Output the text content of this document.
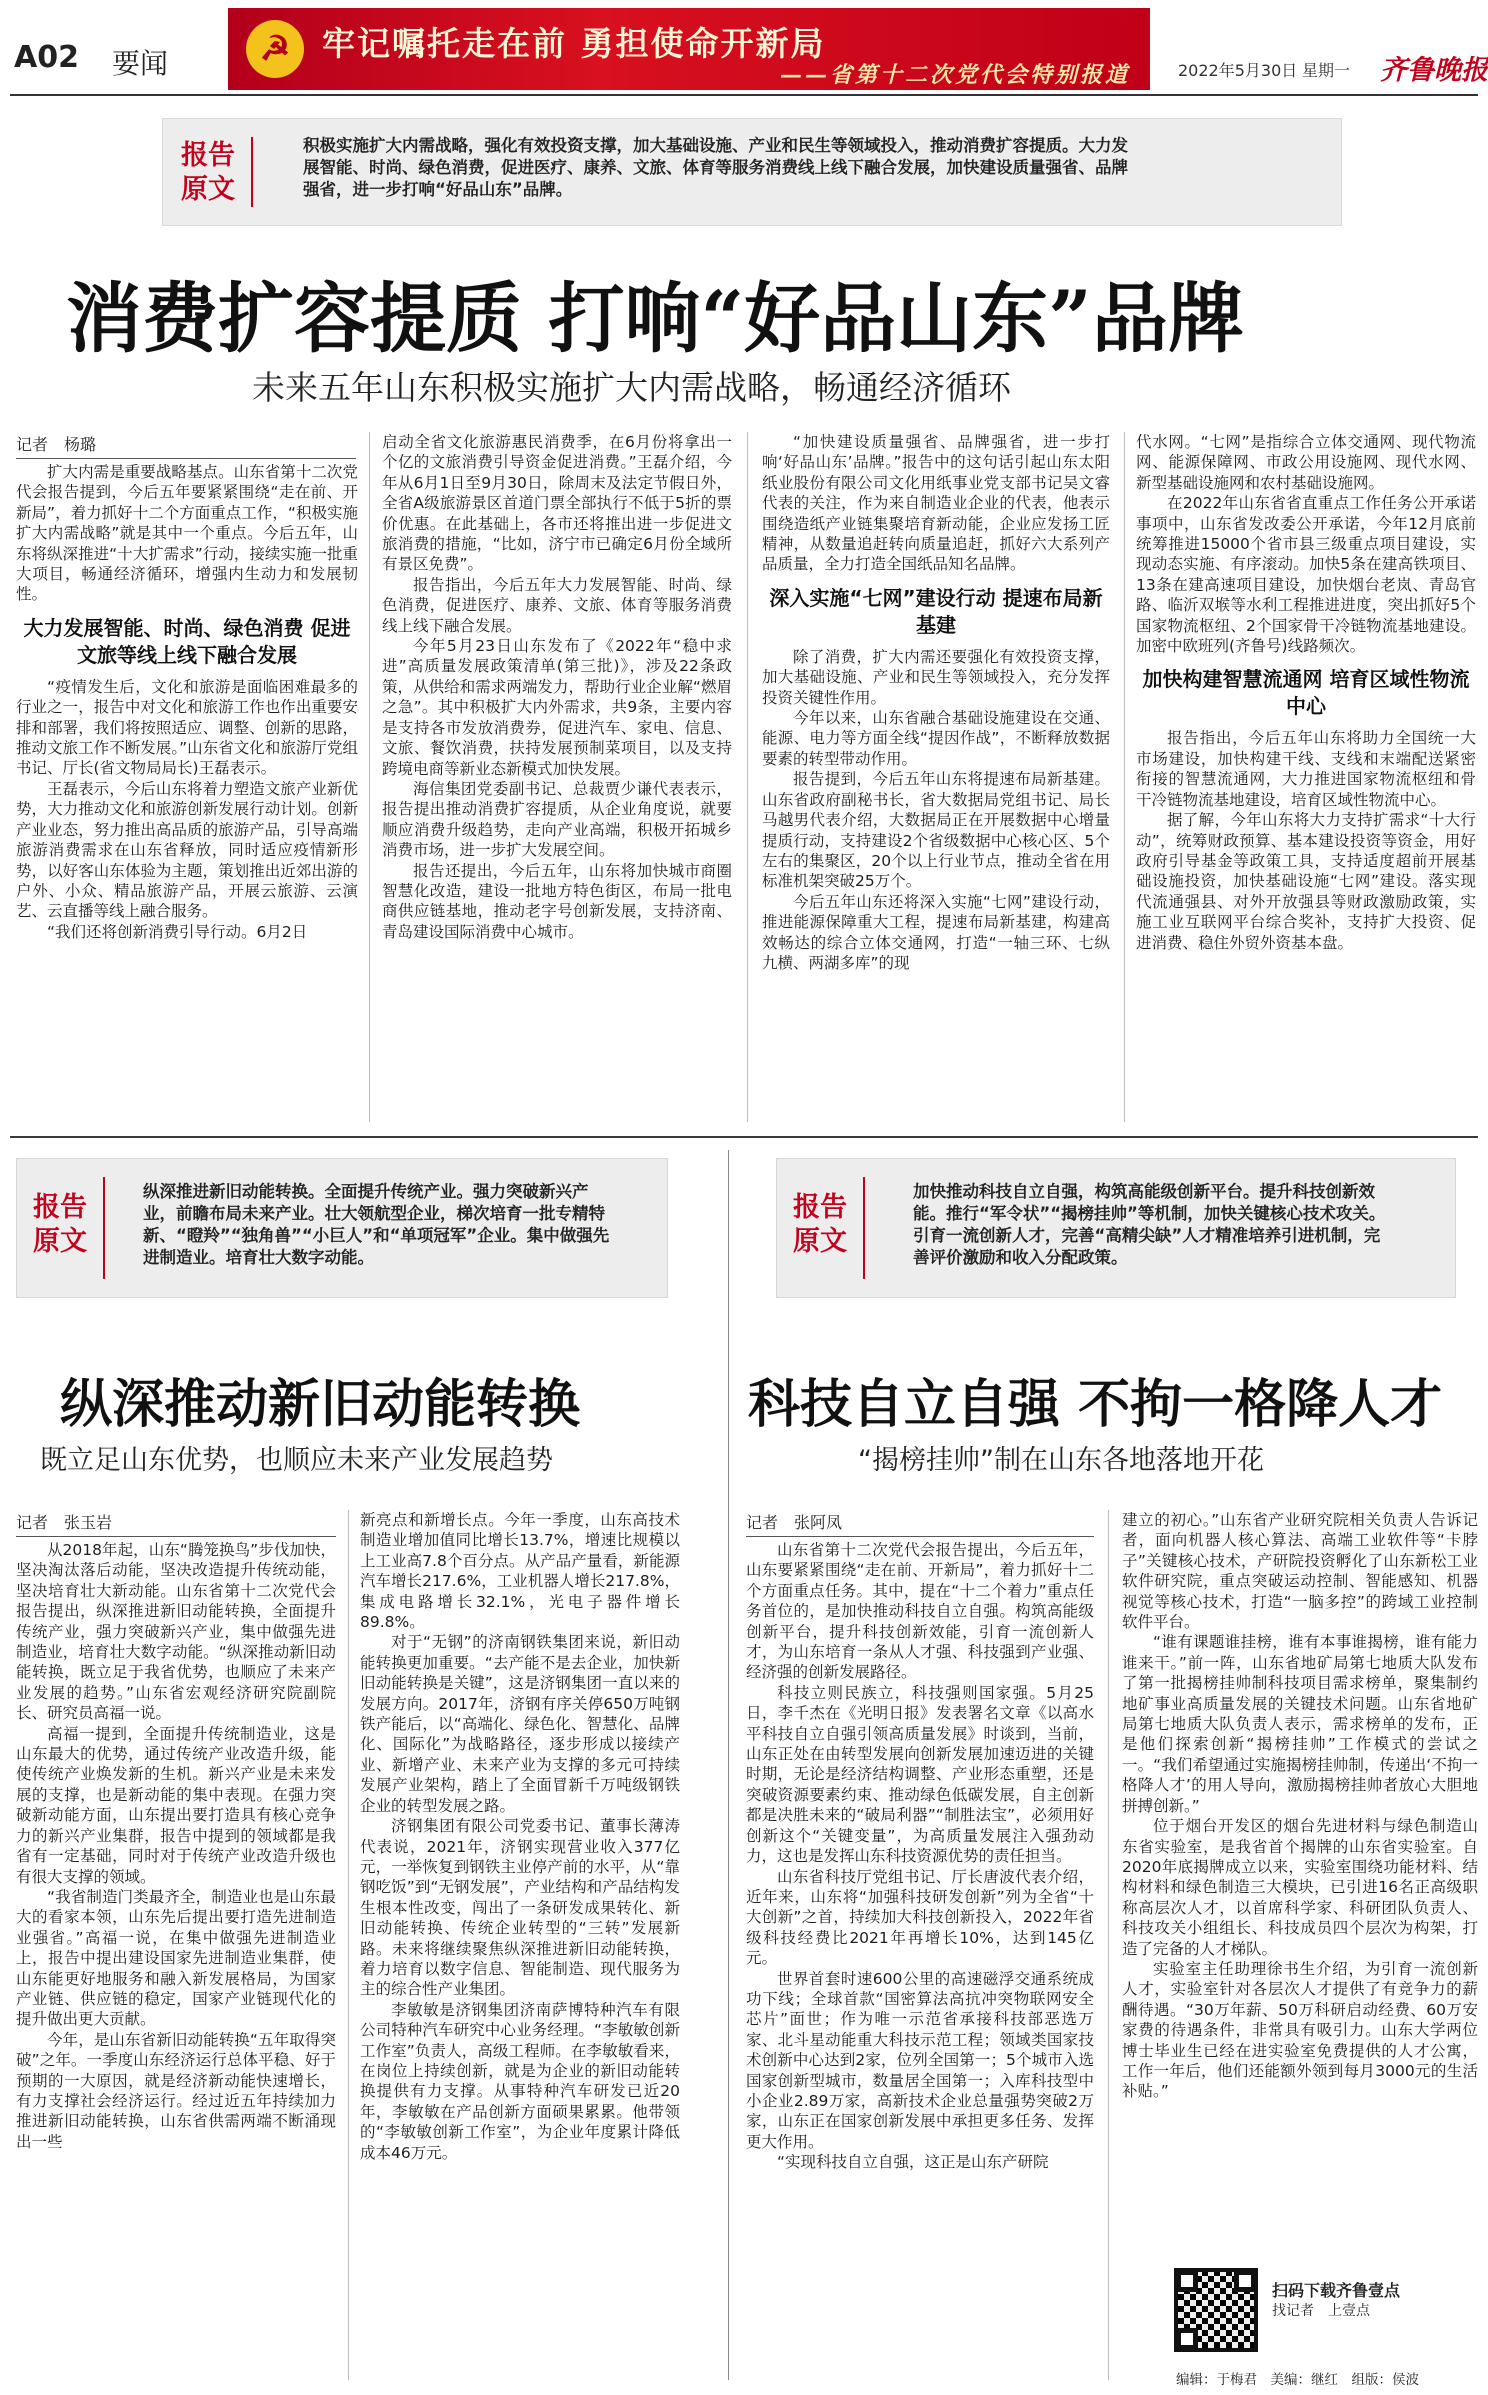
A02 要闻	☭ 牢记嘱托走在前 勇担使命开新局
——省第十二次党代会特别报道	2022年5月30日 星期一 齐鲁晚报
报告
原文
积极实施扩大内需战略，强化有效投资支撑，加大基础设施、产业和民生等领域投入，推动消费扩容提质。大力发展智能、时尚、绿色消费，促进医疗、康养、文旅、体育等服务消费线上线下融合发展，加快建设质量强省、品牌强省，进一步打响“好品山东”品牌。
消费扩容提质 打响“好品山东”品牌
未来五年山东积极实施扩大内需战略，畅通经济循环
记者　杨璐

扩大内需是重要战略基点。山东省第十二次党代会报告提到，今后五年要紧紧围绕“走在前、开新局”，着力抓好十二个方面重点工作，“积极实施扩大内需战略”就是其中一个重点。今后五年，山东将纵深推进“十大扩需求”行动，接续实施一批重大项目，畅通经济循环，增强内生动力和发展韧性。

大力发展智能、时尚、绿色消费 促进文旅等线上线下融合发展

“疫情发生后，文化和旅游是面临困难最多的行业之一，报告中对文化和旅游工作也作出重要安排和部署，我们将按照适应、调整、创新的思路，推动文旅工作不断发展。”山东省文化和旅游厅党组书记、厅长(省文物局局长)王磊表示。

王磊表示，今后山东将着力塑造文旅产业新优势，大力推动文化和旅游创新发展行动计划。创新产业业态，努力推出高品质的旅游产品，引导高端旅游消费需求在山东省释放，同时适应疫情新形势，以好客山东体验为主题，策划推出近郊出游的户外、小众、精品旅游产品，开展云旅游、云演艺、云直播等线上融合服务。

“我们还将创新消费引导行动。6月2日

启动全省文化旅游惠民消费季，在6月份将拿出一个亿的文旅消费引导资金促进消费。”王磊介绍，今年从6月1日至9月30日，除周末及法定节假日外，全省A级旅游景区首道门票全部执行不低于5折的票价优惠。在此基础上，各市还将推出进一步促进文旅消费的措施，“比如，济宁市已确定6月份全域所有景区免费”。

报告指出，今后五年大力发展智能、时尚、绿色消费，促进医疗、康养、文旅、体育等服务消费线上线下融合发展。

今年5月23日山东发布了《2022年“稳中求进”高质量发展政策清单(第三批)》，涉及22条政策，从供给和需求两端发力，帮助行业企业解“燃眉之急”。其中积极扩大内外需求，共9条，主要内容是支持各市发放消费券，促进汽车、家电、信息、文旅、餐饮消费，扶持发展预制菜项目，以及支持跨境电商等新业态新模式加快发展。

海信集团党委副书记、总裁贾少谦代表表示，报告提出推动消费扩容提质，从企业角度说，就要顺应消费升级趋势，走向产业高端，积极开拓城乡消费市场，进一步扩大发展空间。

报告还提出，今后五年，山东将加快城市商圈智慧化改造，建设一批地方特色街区，布局一批电商供应链基地，推动老字号创新发展，支持济南、青岛建设国际消费中心城市。

“加快建设质量强省、品牌强省，进一步打响‘好品山东’品牌。”报告中的这句话引起山东太阳纸业股份有限公司文化用纸事业党支部书记吴文睿代表的关注，作为来自制造业企业的代表，他表示围绕造纸产业链集聚培育新动能，企业应发扬工匠精神，从数量追赶转向质量追赶，抓好六大系列产品质量，全力打造全国纸品知名品牌。

深入实施“七网”建设行动 提速布局新基建

除了消费，扩大内需还要强化有效投资支撑，加大基础设施、产业和民生等领域投入，充分发挥投资关键性作用。

今年以来，山东省融合基础设施建设在交通、能源、电力等方面全线“提因作战”，不断释放数据要素的转型带动作用。

报告提到，今后五年山东将提速布局新基建。山东省政府副秘书长，省大数据局党组书记、局长马越男代表介绍，大数据局正在开展数据中心增量提质行动，支持建设2个省级数据中心核心区、5个左右的集聚区，20个以上行业节点，推动全省在用标准机架突破25万个。

今后五年山东还将深入实施“七网”建设行动，推进能源保障重大工程，提速布局新基建，构建高效畅达的综合立体交通网，打造“一轴三环、七纵九横、两湖多库”的现

代水网。“七网”是指综合立体交通网、现代物流网、能源保障网、市政公用设施网、现代水网、新型基础设施网和农村基础设施网。

在2022年山东省省直重点工作任务公开承诺事项中，山东省发改委公开承诺，今年12月底前统筹推进15000个省市县三级重点项目建设，实现动态实施、有序滚动。加快5条在建高铁项目、13条在建高速项目建设，加快烟台老岚、青岛官路、临沂双堠等水利工程推进进度，突出抓好5个国家物流枢纽、2个国家骨干冷链物流基地建设。加密中欧班列(齐鲁号)线路频次。

加快构建智慧流通网 培育区域性物流中心

报告指出，今后五年山东将助力全国统一大市场建设，加快构建干线、支线和末端配送紧密衔接的智慧流通网，大力推进国家物流枢纽和骨干冷链物流基地建设，培育区域性物流中心。

据了解，今年山东将大力支持扩需求“十大行动”，统筹财政预算、基本建设投资等资金，用好政府引导基金等政策工具，支持适度超前开展基础设施投资，加快基础设施“七网”建设。落实现代流通强县、对外开放强县等财政激励政策，实施工业互联网平台综合奖补，支持扩大投资、促进消费、稳住外贸外资基本盘。

报告
原文
纵深推进新旧动能转换。全面提升传统产业。强力突破新兴产业，前瞻布局未来产业。壮大领航型企业，梯次培育一批专精特新、“瞪羚”“独角兽”“小巨人”和“单项冠军”企业。集中做强先进制造业。培育壮大数字动能。
纵深推动新旧动能转换
既立足山东优势，也顺应未来产业发展趋势
记者　张玉岩

从2018年起，山东“腾笼换鸟”步伐加快，坚决淘汰落后动能，坚决改造提升传统动能，坚决培育壮大新动能。山东省第十二次党代会报告提出，纵深推进新旧动能转换，全面提升传统产业，强力突破新兴产业，集中做强先进制造业，培育壮大数字动能。“纵深推动新旧动能转换，既立足于我省优势，也顺应了未来产业发展的趋势。”山东省宏观经济研究院副院长、研究员高福一说。

高福一提到，全面提升传统制造业，这是山东最大的优势，通过传统产业改造升级，能使传统产业焕发新的生机。新兴产业是未来发展的支撑，也是新动能的集中表现。在强力突破新动能方面，山东提出要打造具有核心竞争力的新兴产业集群，报告中提到的领域都是我省有一定基础，同时对于传统产业改造升级也有很大支撑的领域。

“我省制造门类最齐全，制造业也是山东最大的看家本领，山东先后提出要打造先进制造业强省。”高福一说，在集中做强先进制造业上，报告中提出建设国家先进制造业集群，使山东能更好地服务和融入新发展格局，为国家产业链、供应链的稳定，国家产业链现代化的提升做出更大贡献。

今年，是山东省新旧动能转换“五年取得突破”之年。一季度山东经济运行总体平稳、好于预期的一大原因，就是经济新动能快速增长，有力支撑社会经济运行。经过近五年持续加力推进新旧动能转换，山东省供需两端不断涌现出一些

新亮点和新增长点。今年一季度，山东高技术制造业增加值同比增长13.7%，增速比规模以上工业高7.8个百分点。从产品产量看，新能源汽车增长217.6%，工业机器人增长217.8%，集成电路增长32.1%，光电子器件增长89.8%。

对于“无钢”的济南钢铁集团来说，新旧动能转换更加重要。“去产能不是去企业，加快新旧动能转换是关键”，这是济钢集团一直以来的发展方向。2017年，济钢有序关停650万吨钢铁产能后，以“高端化、绿色化、智慧化、品牌化、国际化”为战略路径，逐步形成以接续产业、新增产业、未来产业为支撑的多元可持续发展产业架构，踏上了全面冒新千万吨级钢铁企业的转型发展之路。

济钢集团有限公司党委书记、董事长薄涛代表说，2021年，济钢实现营业收入377亿元，一举恢复到钢铁主业停产前的水平，从“靠钢吃饭”到“无钢发展”，产业结构和产品结构发生根本性改变，闯出了一条研发成果转化、新旧动能转换、传统企业转型的“三转”发展新路。未来将继续聚焦纵深推进新旧动能转换，着力培育以数字信息、智能制造、现代服务为主的综合性产业集团。

李敏敏是济钢集团济南萨博特种汽车有限公司特种汽车研究中心业务经理。“李敏敏创新工作室”负责人，高级工程师。在李敏敏看来，在岗位上持续创新，就是为企业的新旧动能转换提供有力支撑。从事特种汽车研发已近20年，李敏敏在产品创新方面硕果累累。他带领的“李敏敏创新工作室”，为企业年度累计降低成本46万元。

报告
原文
加快推动科技自立自强，构筑高能级创新平台。提升科技创新效能。推行“军令状”“揭榜挂帅”等机制，加快关键核心技术攻关。引育一流创新人才，完善“高精尖缺”人才精准培养引进机制，完善评价激励和收入分配政策。
科技自立自强 不拘一格降人才
“揭榜挂帅”制在山东各地落地开花
记者　张阿凤

山东省第十二次党代会报告提出，今后五年，山东要紧紧围绕“走在前、开新局”，着力抓好十二个方面重点任务。其中，提在“十二个着力”重点任务首位的，是加快推动科技自立自强。构筑高能级创新平台，提升科技创新效能，引育一流创新人才，为山东培育一条从人才强、科技强到产业强、经济强的创新发展路径。

科技立则民族立，科技强则国家强。5月25日，李千杰在《光明日报》发表署名文章《以高水平科技自立自强引领高质量发展》时谈到，当前，山东正处在由转型发展向创新发展加速迈进的关键时期，无论是经济结构调整、产业形态重塑，还是突破资源要素约束、推动绿色低碳发展，自主创新都是决胜未来的“破局利器”“制胜法宝”，必须用好创新这个“关键变量”，为高质量发展注入强劲动力，这也是发挥山东科技资源优势的责任担当。

山东省科技厅党组书记、厅长唐波代表介绍，近年来，山东将“加强科技研发创新”列为全省“十大创新”之首，持续加大科技创新投入，2022年省级科技经费比2021年再增长10%，达到145亿元。

世界首套时速600公里的高速磁浮交通系统成功下线；全球首款“国密算法高抗冲突物联网安全芯片”面世；作为唯一示范省承接科技部恶选万家、北斗星动能重大科技示范工程；领域类国家技术创新中心达到2家，位列全国第一；5个城市入选国家创新型城市，数量居全国第一；入库科技型中小企业2.89万家，高新技术企业总量强势突破2万家，山东正在国家创新发展中承担更多任务、发挥更大作用。

“实现科技自立自强，这正是山东产研院

建立的初心。”山东省产业研究院相关负责人告诉记者，面向机器人核心算法、高端工业软件等“卡脖子”关键核心技术，产研院投资孵化了山东新松工业软件研究院，重点突破运动控制、智能感知、机器视觉等核心技术，打造“一脑多控”的跨域工业控制软件平台。

“谁有课题谁挂榜，谁有本事谁揭榜，谁有能力谁来干。”前一阵，山东省地矿局第七地质大队发布了第一批揭榜挂帅制科技项目需求榜单，聚集制约地矿事业高质量发展的关键技术问题。山东省地矿局第七地质大队负责人表示，需求榜单的发布，正是他们探索创新“揭榜挂帅”工作模式的尝试之一。“我们希望通过实施揭榜挂帅制，传递出‘不拘一格降人才’的用人导向，激励揭榜挂帅者放心大胆地拼搏创新。”

位于烟台开发区的烟台先进材料与绿色制造山东省实验室，是我省首个揭牌的山东省实验室。自2020年底揭牌成立以来，实验室围绕功能材料、结构材料和绿色制造三大模块，已引进16名正高级职称高层次人才，以首席科学家、科研团队负责人、科技攻关小组组长、科技成员四个层次为构架，打造了完备的人才梯队。

实验室主任助理徐书生介绍，为引育一流创新人才，实验室针对各层次人才提供了有竞争力的薪酬待遇。“30万年薪、50万科研启动经费、60万安家费的待遇条件，非常具有吸引力。山东大学两位博士毕业生已经在进实验室免费提供的人才公寓，工作一年后，他们还能额外领到每月3000元的生活补贴。”

扫码下载齐鲁壹点
找记者　上壹点
编辑：于梅君　美编：继红　组版：侯波
